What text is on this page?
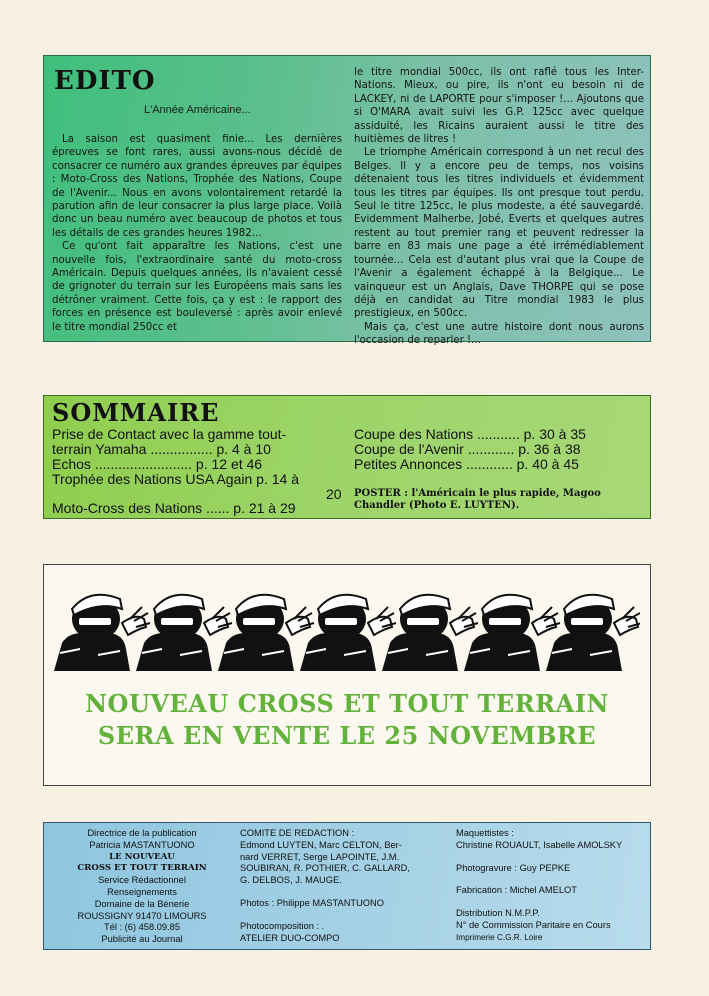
EDITO
L'Année Américaine...

La saison est quasiment finie... Les dernières épreuves se font rares, aussi avons-nous décidé de consacrer ce numéro aux grandes épreuves par équipes : Moto-Cross des Nations, Trophée des Nations, Coupe de l'Avenir... Nous en avons volontairement retardé la parution afin de leur consacrer la plus large place. Voilà donc un beau numéro avec beaucoup de photos et tous les détails de ces grandes heures 1982...

Ce qu'ont fait apparaître les Nations, c'est une nouvelle fois, l'extraordinaire santé du moto-cross Américain. Depuis quelques années, ils n'avaient cessé de grignoter du terrain sur les Européens mais sans les détrôner vraiment. Cette fois, ça y est : le rapport des forces en présence est bouleversé : après avoir enlevé le titre mondial 250cc et

le titre mondial 500cc, ils ont raflé tous les Inter-Nations. Mieux, ou pire, ils n'ont eu besoin ni de LACKEY, ni de LAPORTE pour s'imposer !... Ajoutons que si O'MARA avait suivi les G.P. 125cc avec quelque assiduité, les Ricains auraient aussi le titre des huitièmes de litres !

Le triomphe Américain correspond à un net recul des Belges. Il y a encore peu de temps, nos voisins détenaient tous les titres individuels et évidemment tous les titres par équipes. Ils ont presque tout perdu. Seul le titre 125cc, le plus modeste, a été sauvegardé. Evidemment Malherbe, Jobé, Everts et quelques autres restent au tout premier rang et peuvent redresser la barre en 83 mais une page a été irrémédiablement tournée... Cela est d'autant plus vrai que la Coupe de l'Avenir a également échappé à la Belgique... Le vainqueur est un Anglais, Dave THORPE qui se pose déjà en candidat au Titre mondial 1983 le plus prestigieux, en 500cc.

Mais ça, c'est une autre histoire dont nous aurons l'occasion de reparler !...

SOMMAIRE
Prise de Contact avec la gamme tout-
terrain Yamaha ................ p. 4 à 10
Echos ......................... p. 12 et 46
Trophée des Nations USA Again p. 14 à
20
Moto-Cross des Nations ...... p. 21 à 29
Coupe des Nations ........... p. 30 à 35
Coupe de l'Avenir ............ p. 36 à 38
Petites Annonces ............ p. 40 à 45
POSTER : l'Américain le plus rapide, Magoo Chandler (Photo E. LUYTEN).
NOUVEAU CROSS ET TOUT TERRAIN
SERA EN VENTE LE 25 NOVEMBRE
Directrice de la publication
Patricia MASTANTUONO
LE NOUVEAU
CROSS ET TOUT TERRAIN
Service Rédactionnel
Renseignements
Domaine de la Bénerie
ROUSSIGNY 91470 LIMOURS
Tél : (6) 458.09.85
Publicité au Journal
COMITE DE REDACTION :
Edmond LUYTEN, Marc CELTON, Ber-
nard VERRET, Serge LAPOINTE, J.M.
SOUBIRAN, R. POTHIER, C. GALLARD,
G. DELBOS, J. MAUGE.
Photos : Philippe MASTANTUONO
Photocomposition : .
ATELIER DUO-COMPO
Maquettistes :
Christine ROUAULT, Isabelle AMOLSKY
Photogravure : Guy PEPKE
Fabrication : Michel AMELOT
Distribution N.M.P.P.
N° de Commission Paritaire en Cours
Imprimerie C.G.R. Loire
